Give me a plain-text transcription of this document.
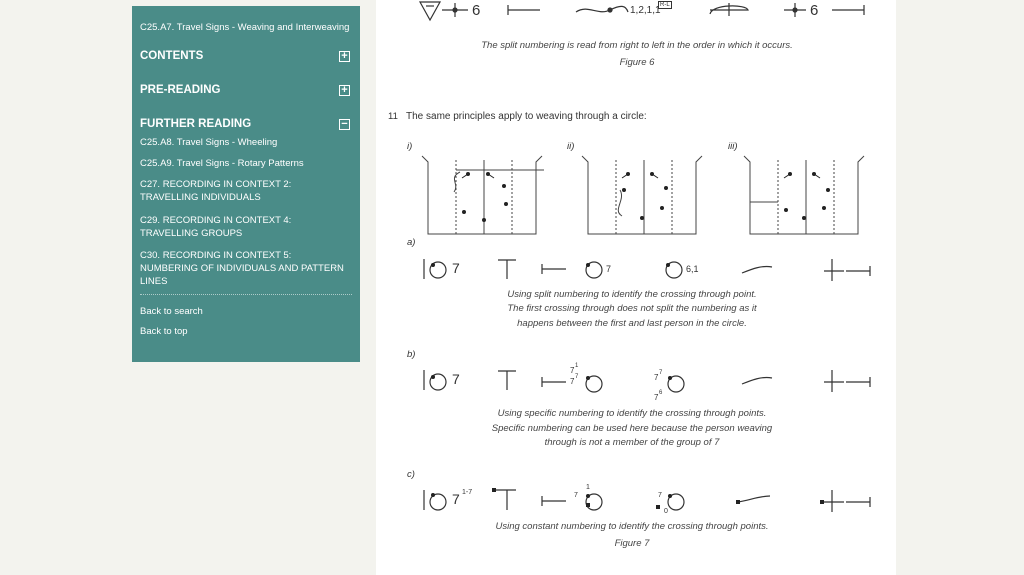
C25.A7. Travel Signs - Weaving and Interweaving
CONTENTS	+
PRE-READING	+
FURTHER READING	−
C25.A8. Travel Signs - Wheeling
C25.A9. Travel Signs - Rotary Patterns
C27. RECORDING IN CONTEXT 2: TRAVELLING INDIVIDUALS
C29. RECORDING IN CONTEXT 4: TRAVELLING GROUPS
C30. RECORDING IN CONTEXT 5: NUMBERING OF INDIVIDUALS AND PATTERN LINES
Back to search
Back to top
6	1,2,1,1 R-L	6
The split numbering is read from right to left in the order in which it occurs.
Figure 6
11 The same principles apply to weaving through a circle:
i)	ii)	iii)
a)
b)
c)
7	7	6,1
Using split numbering to identify the crossing through point.
The first crossing through does not split the numbering as it
happens between the first and last person in the circle.
7
7 1
7 7	7 7
7 6
Using specific numbering to identify the crossing through points.
Specific numbering can be used here because the person weaving
through is not a member of the group of 7
7 1-7
1
7	7
0
Using constant numbering to identify the crossing through points.
Figure 7
